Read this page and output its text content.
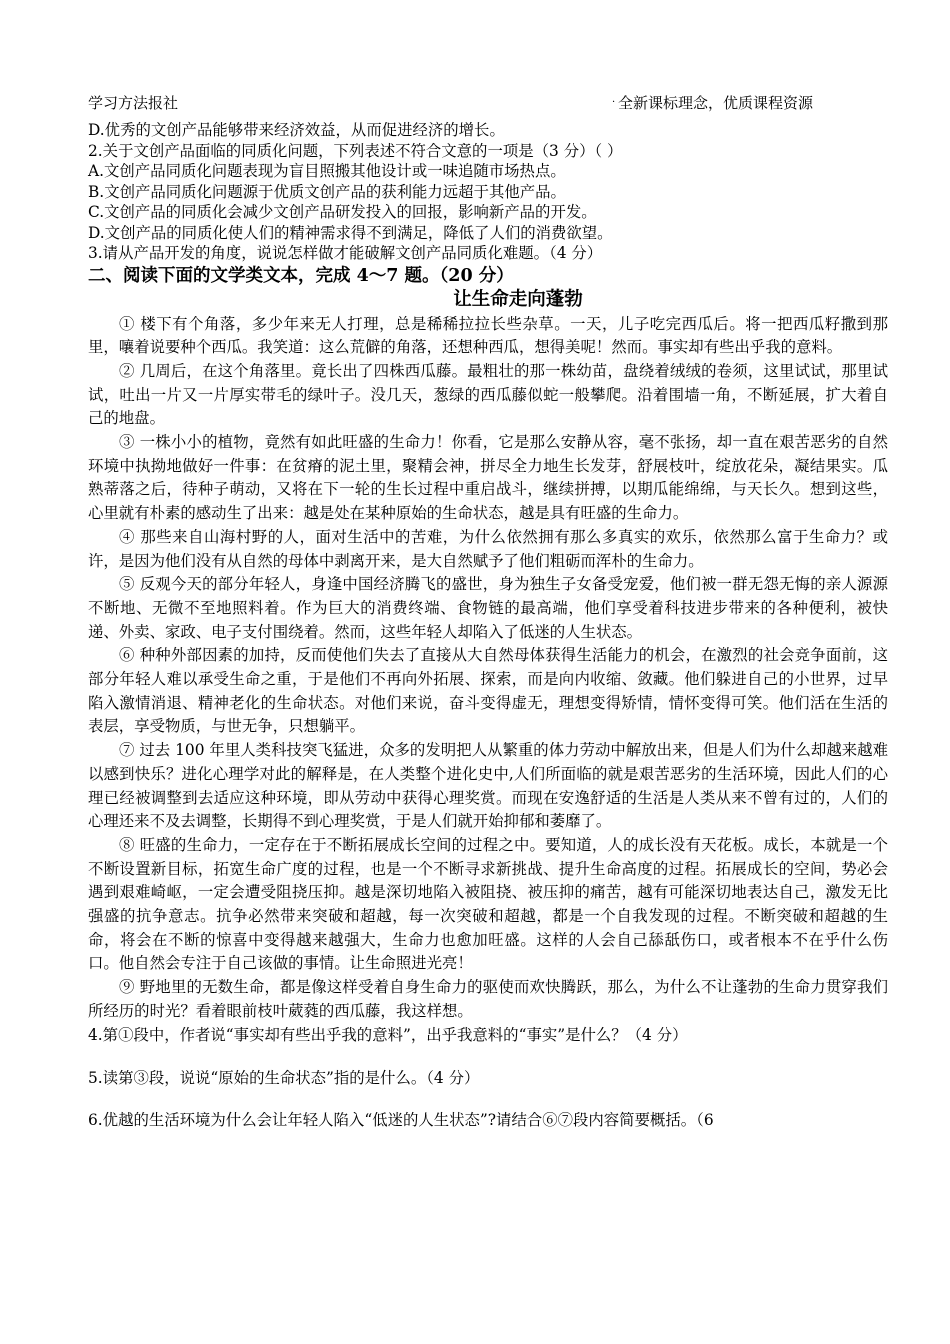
学习方法报社	· 全新课标理念，优质课程资源
D.优秀的文创产品能够带来经济效益，从而促进经济的增长。
2.关于文创产品面临的同质化问题，下列表述不符合文意的一项是（3 分）（ ）
A.文创产品同质化问题表现为盲目照搬其他设计或一味追随市场热点。
B.文创产品同质化问题源于优质文创产品的获利能力远超于其他产品。
C.文创产品的同质化会减少文创产品研发投入的回报，影响新产品的开发。
D.文创产品的同质化使人们的精神需求得不到满足，降低了人们的消费欲望。
3.请从产品开发的角度，说说怎样做才能破解文创产品同质化难题。（4 分）
二、阅读下面的文学类文本，完成 4～7 题。（20 分）
让生命走向蓬勃
① 楼下有个角落，多少年来无人打理，总是稀稀拉拉长些杂草。一天，儿子吃完西瓜后。将一把西瓜籽撒到那里，嚷着说要种个西瓜。我笑道：这么荒僻的角落，还想种西瓜，想得美呢！然而。事实却有些出乎我的意料。
② 几周后，在这个角落里。竟长出了四株西瓜藤。最粗壮的那一株幼苗，盘绕着绒绒的卷须，这里试试，那里试试，吐出一片又一片厚实带毛的绿叶子。没几天，葱绿的西瓜藤似蛇一般攀爬。沿着围墙一角，不断延展，扩大着自己的地盘。
③ 一株小小的植物，竟然有如此旺盛的生命力！你看，它是那么安静从容，毫不张扬，却一直在艰苦恶劣的自然环境中执拗地做好一件事：在贫瘠的泥土里，聚精会神，拼尽全力地生长发芽，舒展枝叶，绽放花朵，凝结果实。瓜熟蒂落之后，待种子萌动，又将在下一轮的生长过程中重启战斗，继续拼搏，以期瓜能绵绵，与天长久。想到这些，心里就有朴素的感动生了出来：越是处在某种原始的生命状态，越是具有旺盛的生命力。
④ 那些来自山海村野的人，面对生活中的苦难，为什么依然拥有那么多真实的欢乐，依然那么富于生命力？或许，是因为他们没有从自然的母体中剥离开来，是大自然赋予了他们粗砺而浑朴的生命力。
⑤ 反观今天的部分年轻人，身逢中国经济腾飞的盛世，身为独生子女备受宠爱，他们被一群无怨无悔的亲人源源不断地、无微不至地照料着。作为巨大的消费终端、食物链的最高端，他们享受着科技进步带来的各种便利，被快递、外卖、家政、电子支付围绕着。然而，这些年轻人却陷入了低迷的人生状态。
⑥ 种种外部因素的加持，反而使他们失去了直接从大自然母体获得生活能力的机会，在激烈的社会竞争面前，这部分年轻人难以承受生命之重，于是他们不再向外拓展、探索，而是向内收缩、敛藏。他们躲进自己的小世界，过早陷入激情消退、精神老化的生命状态。对他们来说，奋斗变得虚无，理想变得矫情，情怀变得可笑。他们活在生活的表层，享受物质，与世无争，只想躺平。
⑦ 过去 100 年里人类科技突飞猛进，众多的发明把人从繁重的体力劳动中解放出来，但是人们为什么却越来越难以感到快乐？进化心理学对此的解释是，在人类整个进化史中,人们所面临的就是艰苦恶劣的生活环境，因此人们的心理已经被调整到去适应这种环境，即从劳动中获得心理奖赏。而现在安逸舒适的生活是人类从来不曾有过的，人们的心理还来不及去调整，长期得不到心理奖赏，于是人们就开始抑郁和萎靡了。
⑧ 旺盛的生命力，一定存在于不断拓展成长空间的过程之中。要知道，人的成长没有天花板。成长，本就是一个不断设置新目标，拓宽生命广度的过程，也是一个不断寻求新挑战、提升生命高度的过程。拓展成长的空间，势必会遇到艰难崎岖，一定会遭受阻挠压抑。越是深切地陷入被阻挠、被压抑的痛苦，越有可能深切地表达自己，激发无比强盛的抗争意志。抗争必然带来突破和超越，每一次突破和超越，都是一个自我发现的过程。不断突破和超越的生命，将会在不断的惊喜中变得越来越强大，生命力也愈加旺盛。这样的人会自己舔舐伤口，或者根本不在乎什么伤口。他自然会专注于自己该做的事情。让生命照进光亮！
⑨ 野地里的无数生命，都是像这样受着自身生命力的驱使而欢快腾跃，那么，为什么不让蓬勃的生命力贯穿我们所经历的时光？看着眼前枝叶葳蕤的西瓜藤，我这样想。
4.第①段中，作者说“事实却有些出乎我的意料”，出乎我意料的“事实”是什么？（4 分）
5.读第③段，说说“原始的生命状态”指的是什么。（4 分）
6.优越的生活环境为什么会让年轻人陷入“低迷的人生状态”?请结合⑥⑦段内容简要概括。（6
